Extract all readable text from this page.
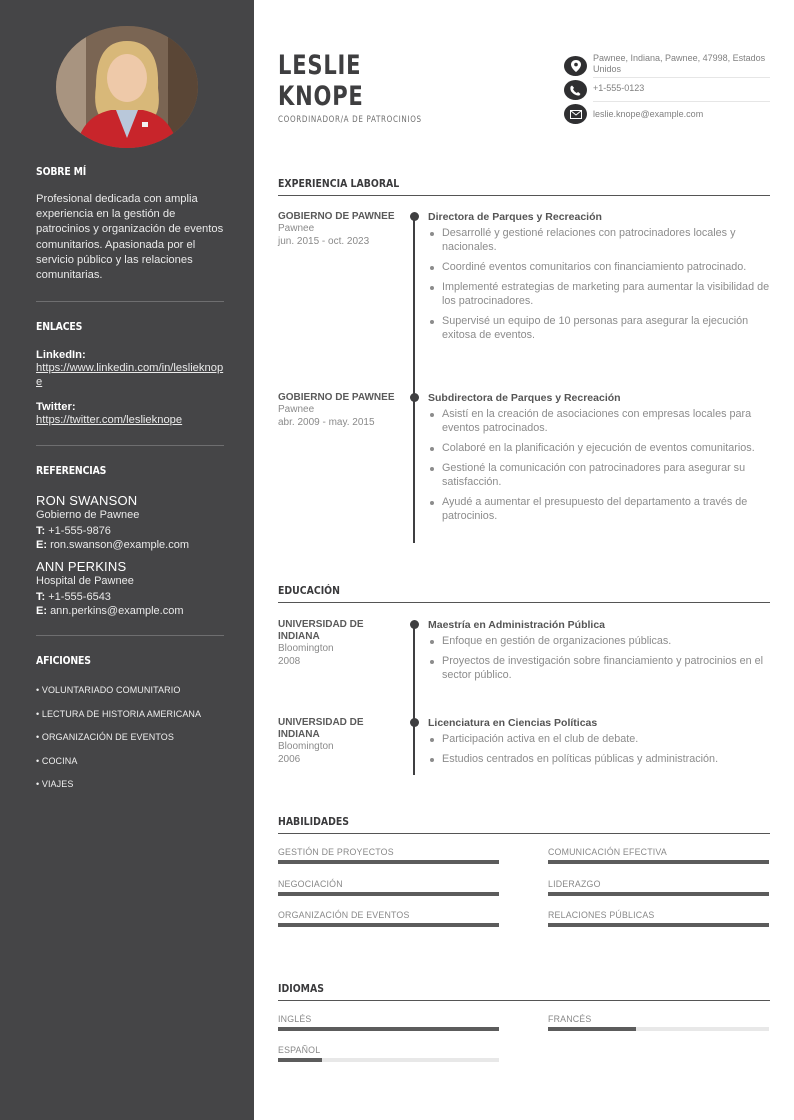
SOBRE MÍ
Profesional dedicada con amplia experiencia en la gestión de patrocinios y organización de eventos comunitarios. Apasionada por el servicio público y las relaciones comunitarias.
ENLACES
LinkedIn:
https://www.linkedin.com/in/leslieknope
Twitter:
https://twitter.com/leslieknope
REFERENCIAS
RON SWANSON
Gobierno de Pawnee
T: +1-555-9876
E: ron.swanson@example.com
ANN PERKINS
Hospital de Pawnee
T: +1-555-6543
E: ann.perkins@example.com
AFICIONES
• VOLUNTARIADO COMUNITARIO
• LECTURA DE HISTORIA AMERICANA
• ORGANIZACIÓN DE EVENTOS
• COCINA
• VIAJES
LESLIE
KNOPE
COORDINADOR/A DE PATROCINIOS
Pawnee, Indiana, Pawnee, 47998, Estados Unidos
+1-555-0123
leslie.knope@example.com
EXPERIENCIA LABORAL
GOBIERNO DE PAWNEE
Pawnee
jun. 2015 - oct. 2023
Directora de Parques y Recreación
Desarrollé y gestioné relaciones con patrocinadores locales y nacionales.
Coordiné eventos comunitarios con financiamiento patrocinado.
Implementé estrategias de marketing para aumentar la visibilidad de los patrocinadores.
Supervisé un equipo de 10 personas para asegurar la ejecución exitosa de eventos.
GOBIERNO DE PAWNEE
Pawnee
abr. 2009 - may. 2015
Subdirectora de Parques y Recreación
Asistí en la creación de asociaciones con empresas locales para eventos patrocinados.
Colaboré en la planificación y ejecución de eventos comunitarios.
Gestioné la comunicación con patrocinadores para asegurar su satisfacción.
Ayudé a aumentar el presupuesto del departamento a través de patrocinios.
EDUCACIÓN
UNIVERSIDAD DE INDIANA
Bloomington
2008
Maestría en Administración Pública
Enfoque en gestión de organizaciones públicas.
Proyectos de investigación sobre financiamiento y patrocinios en el sector público.
UNIVERSIDAD DE INDIANA
Bloomington
2006
Licenciatura en Ciencias Políticas
Participación activa en el club de debate.
Estudios centrados en políticas públicas y administración.
HABILIDADES
GESTIÓN DE PROYECTOS	COMUNICACIÓN EFECTIVA
NEGOCIACIÓN	LIDERAZGO
ORGANIZACIÓN DE EVENTOS	RELACIONES PÚBLICAS
IDIOMAS
INGLÉS	FRANCÉS
ESPAÑOL
